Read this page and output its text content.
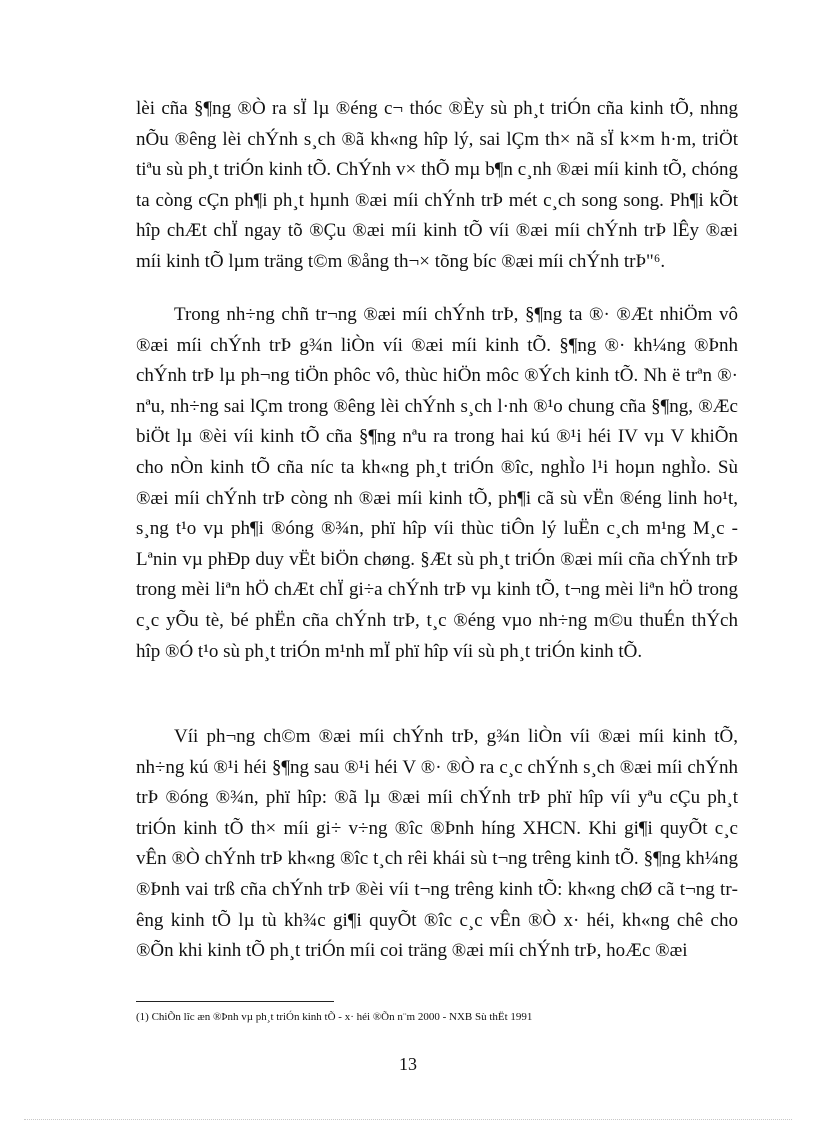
lèi cña §¶ng ®Ò ra sÏ lµ ®éng c¬ thóc ®Èy sù ph¸t triÓn cña kinh tÕ, nhng nÕu ®êng lèi chÝnh s¸ch ®ã kh«ng hîp lý, sai lÇm th× nã sÏ k×m h·m, triÖt tiªu sù ph¸t triÓn kinh tÕ. ChÝnh v× thÕ mµ b¶n c¸nh ®æi míi kinh tÕ, chóng ta còng cÇn ph¶i ph¸t hµnh ®æi míi chÝnh trÞ mét c¸ch song song. Ph¶i kÕt hîp chÆt chÏ ngay tõ ®Çu ®æi míi kinh tÕ víi ®æi míi chÝnh trÞ lÊy ®æi míi kinh tÕ lµm träng t©m ®ång th¬× tõng bíc ®æi míi chÝnh trÞ"⁶.

Trong nh÷ng chñ tr¬ng ®æi míi chÝnh trÞ, §¶ng ta ®· ®Æt nhiÖm vô ®æi míi chÝnh trÞ g¾n liÒn víi ®æi míi kinh tÕ. §¶ng ®· kh¼ng ®Þnh chÝnh trÞ lµ ph¬ng tiÖn phôc vô, thùc hiÖn môc ®Ých kinh tÕ. Nh ë trªn ®· nªu, nh÷ng sai lÇm trong ®êng lèi chÝnh s¸ch l·nh ®¹o chung cña §¶ng, ®Æc biÖt lµ ®èi víi kinh tÕ cña §¶ng nªu ra trong hai kú ®¹i héi IV vµ V khiÕn cho nÒn kinh tÕ cña níc ta kh«ng ph¸t triÓn ®îc, nghÌo l¹i hoµn nghÌo. Sù ®æi míi chÝnh trÞ còng nh ®æi míi kinh tÕ, ph¶i cã sù vËn ®éng linh ho¹t, s¸ng t¹o vµ ph¶i ®óng ®¾n, phï hîp víi thùc tiÔn lý luËn c¸ch m¹ng M¸c - Lªnin vµ phÐp duy vËt biÖn chøng. §Æt sù ph¸t triÓn ®æi míi cña chÝnh trÞ trong mèi liªn hÖ chÆt chÏ gi÷a chÝnh trÞ vµ kinh tÕ, t¬ng mèi liªn hÖ trong c¸c yÕu tè, bé phËn cña chÝnh trÞ, t¸c ®éng vµo nh÷ng m©u thuÉn thÝch hîp ®Ó t¹o sù ph¸t triÓn m¹nh mÏ phï hîp víi sù ph¸t triÓn kinh tÕ.

Víi ph¬ng ch©m ®æi míi chÝnh trÞ, g¾n liÒn víi ®æi míi kinh tÕ, nh÷ng kú ®¹i héi §¶ng sau ®¹i héi V ®· ®Ò ra c¸c chÝnh s¸ch ®æi míi chÝnh trÞ ®óng ®¾n, phï hîp: ®ã lµ ®æi míi chÝnh trÞ phï hîp víi yªu cÇu ph¸t triÓn kinh tÕ th× míi gi÷ v÷ng ®îc ®Þnh híng XHCN. Khi gi¶i quyÕt c¸c vÊn ®Ò chÝnh trÞ kh«ng ®îc t¸ch rêi khái sù t¬ng trêng kinh tÕ. §¶ng kh¼ng ®Þnh vai trß cña chÝnh trÞ ®èi víi t¬ng trêng kinh tÕ: kh«ng chØ cã t¬ng trêng kinh tÕ lµ tù kh¾c gi¶i quyÕt ®îc c¸c vÊn ®Ò x· héi, kh«ng chê cho ®Õn khi kinh tÕ ph¸t triÓn míi coi träng ®æi míi chÝnh trÞ, hoÆc ®æi

(1) ChiÕn lîc æn ®Þnh vµ ph¸t triÓn kinh tÕ - x· héi ®Õn n¨m 2000 - NXB Sù thËt 1991
13
